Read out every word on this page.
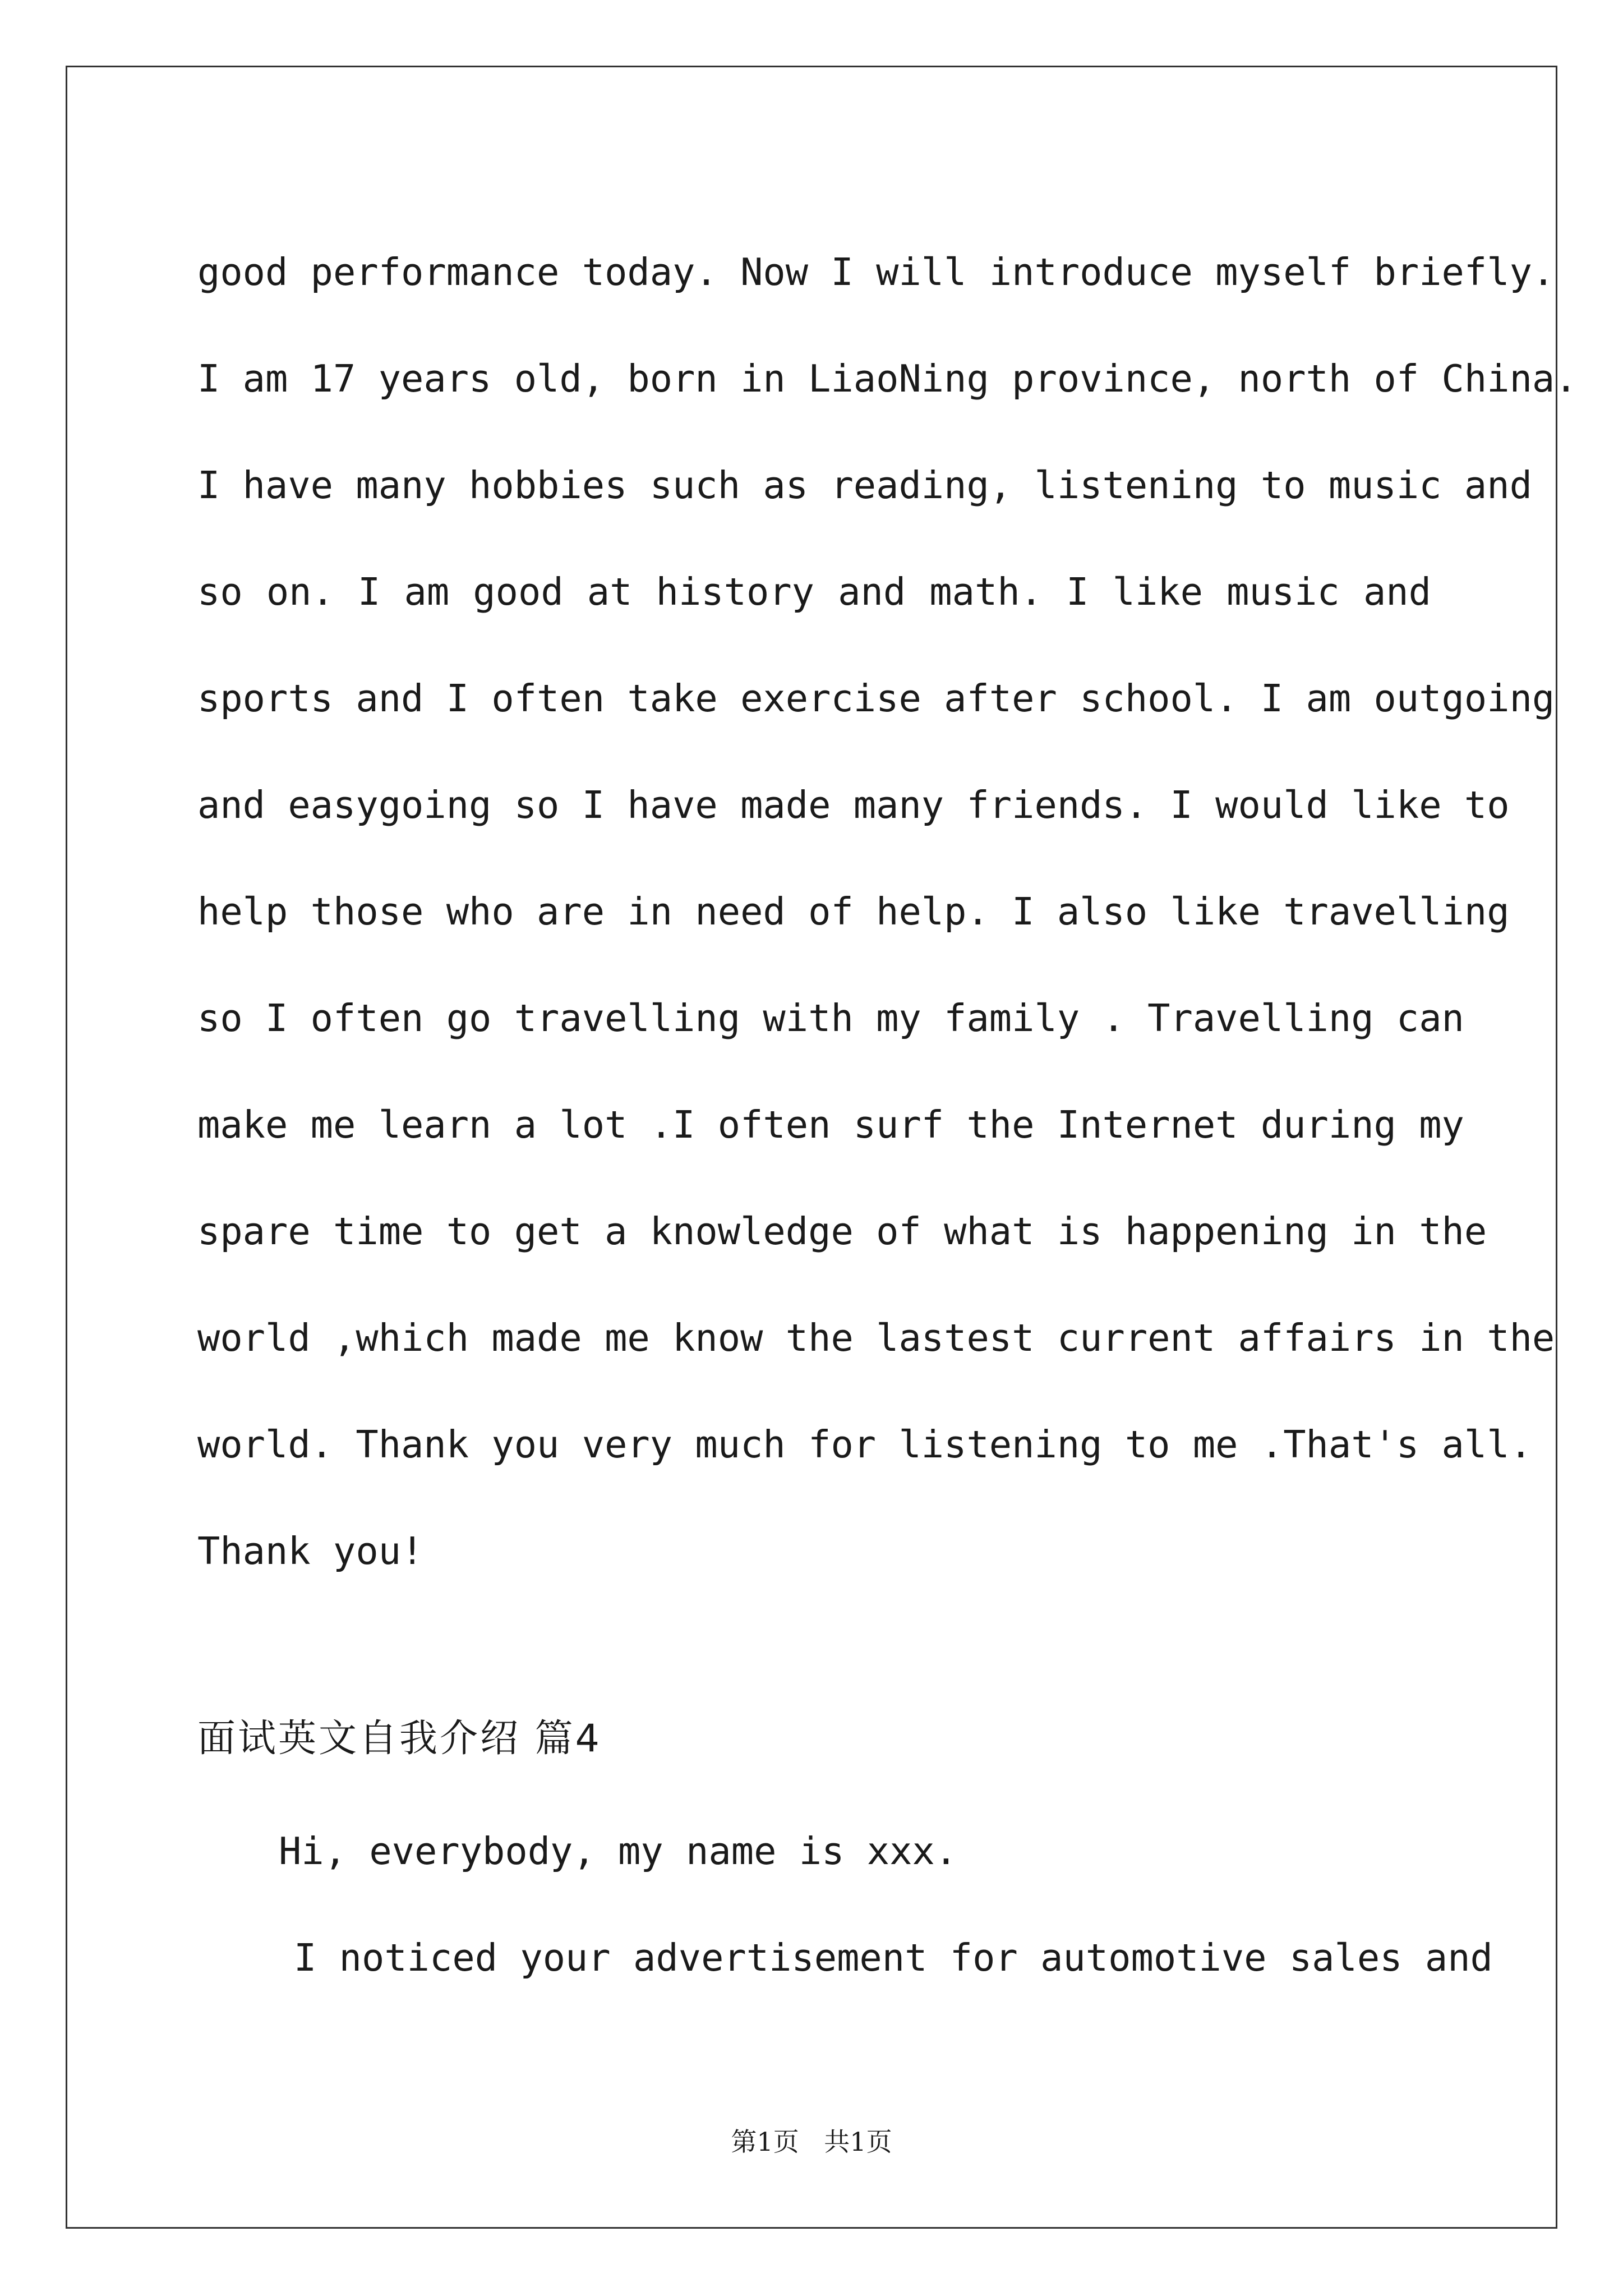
good performance today. Now I will introduce myself briefly.
I am 17 years old, born in LiaoNing province, north of China.
I have many hobbies such as reading, listening to music and
so on. I am good at history and math. I like music and
sports and I often take exercise after school. I am outgoing
and easygoing so I have made many friends. I would like to
help those who are in need of help. I also like travelling
so I often go travelling with my family . Travelling can
make me learn a lot .I often surf the Internet during my
spare time to get a knowledge of what is happening in the
world ,which made me know the lastest current affairs in the
world. Thank you very much for listening to me .That's all.
Thank you!
面试英文自我介绍 篇4
Hi, everybody, my name is xxx.
I noticed your advertisement for automotive sales and
第1页 共1页
